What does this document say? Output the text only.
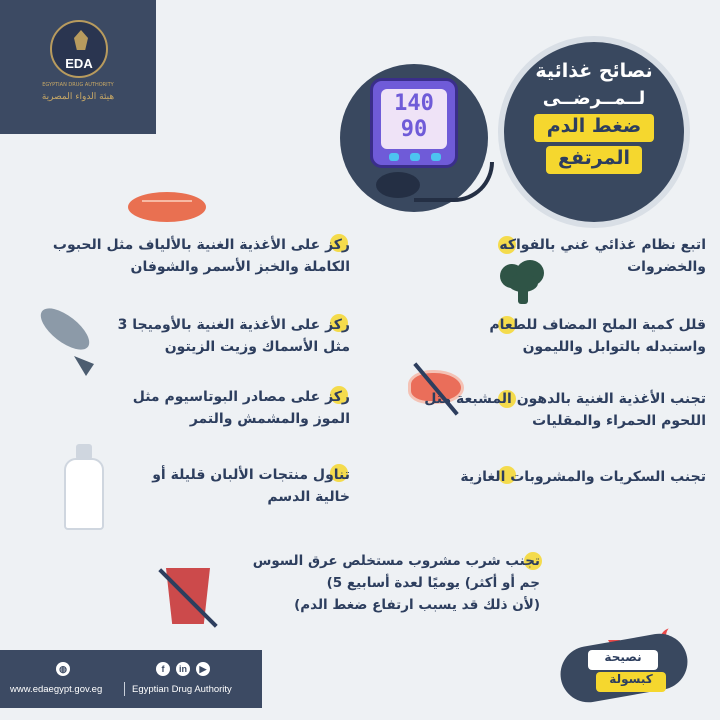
EDA
EGYPTIAN DRUG AUTHORITY
هيئة الدواء المصرية	140
90
نصائح غذائية
لــمــرضــى
ضغط الدم
المرتفع
اتبع نظام غذائي غني بالفواكه والخضروات
قلل كمية الملح المضاف للطعام واستبدله بالتوابل والليمون
تجنب الأغذية الغنية بالدهون المشبعة مثل اللحوم الحمراء والمقليات
تجنب السكريات والمشروبات الغازية
ركز على الأغذية الغنية بالألياف مثل الحبوب الكاملة والخبز الأسمر والشوفان
ركز على الأغذية الغنية بالأوميجا 3 مثل الأسماك وزيت الزيتون
ركز على مصادر البوتاسيوم مثل الموز والمشمش والتمر
تناول منتجات الألبان قليلة أو خالية الدسم
تجنب شرب مشروب مستخلص عرق السوس
جم أو أكثر) يوميًا لعدة أسابيع 5)
(لأن ذلك قد يسبب ارتفاع ضغط الدم)
◍	f	in	▶
www.edaegypt.gov.eg	Egyptian Drug Authority
نصيحة
كبسولة
